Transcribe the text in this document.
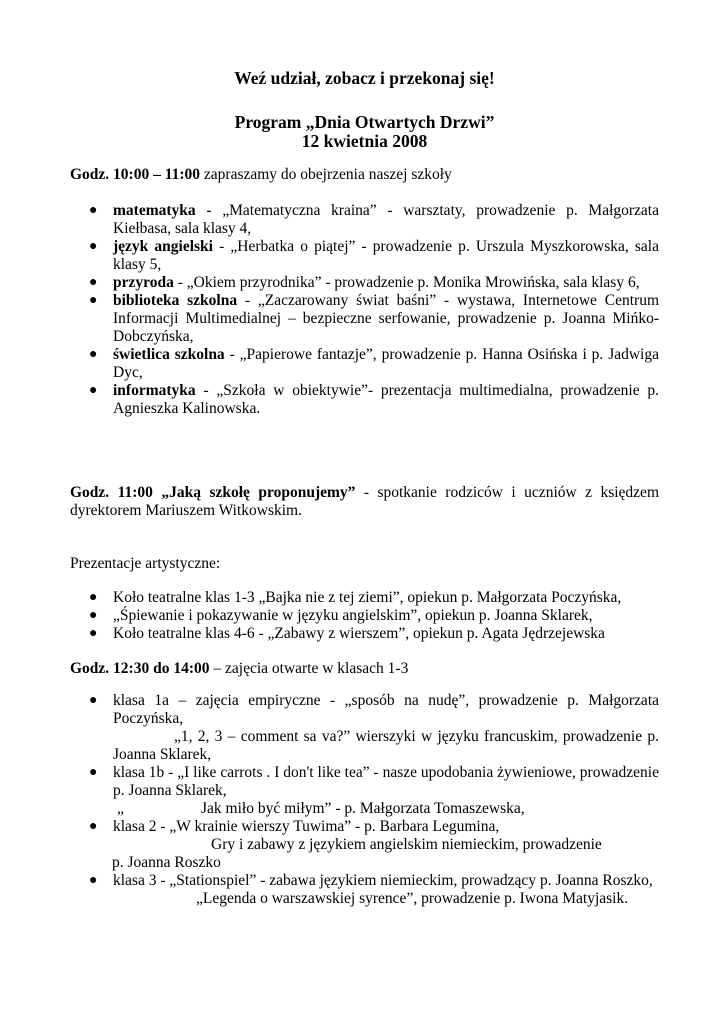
Weź udział, zobacz i przekonaj się!
Program „Dnia Otwartych Drzwi”
12 kwietnia 2008
Godz. 10:00 – 11:00 zapraszamy do obejrzenia naszej szkoły
● matematyka - „Matematyczna kraina” - warsztaty, prowadzenie p. Małgorzata Kiełbasa, sala klasy 4,
● język angielski - „Herbatka o piątej” - prowadzenie p. Urszula Myszkorowska, sala klasy 5,
● przyroda - „Okiem przyrodnika” - prowadzenie p. Monika Mrowińska, sala klasy 6,
● biblioteka szkolna - „Zaczarowany świat baśni” - wystawa, Internetowe Centrum Informacji Multimedialnej – bezpieczne serfowanie, prowadzenie p. Joanna Mińko-Dobczyńska,
● świetlica szkolna - „Papierowe fantazje”, prowadzenie p. Hanna Osińska i p. Jadwiga Dyc,
● informatyka - „Szkoła w obiektywie”- prezentacja multimedialna, prowadzenie p. Agnieszka Kalinowska.
Godz. 11:00 „Jaką szkołę proponujemy” - spotkanie rodziców i uczniów z księdzem dyrektorem Mariuszem Witkowskim.
Prezentacje artystyczne:
● Koło teatralne klas 1-3 „Bajka nie z tej ziemi”, opiekun p. Małgorzata Poczyńska,
● „Śpiewanie i pokazywanie w języku angielskim”, opiekun p. Joanna Sklarek,
● Koło teatralne klas 4-6 - „Zabawy z wierszem”, opiekun p. Agata Jędrzejewska
Godz. 12:30 do 14:00 – zajęcia otwarte w klasach 1-3
● klasa 1a – zajęcia empiryczne - „sposób na nudę”, prowadzenie p. Małgorzata Poczyńska,
„1, 2, 3 – comment sa va?” wierszyki w języku francuskim, prowadzenie p. Joanna Sklarek,
● klasa 1b - „I like carrots . I don't like tea” - nasze upodobania żywieniowe, prowadzenie p. Joanna Sklarek,
„	Jak miło być miłym” - p. Małgorzata Tomaszewska,
● klasa 2 - „W krainie wierszy Tuwima” - p. Barbara Legumina,
Gry i zabawy z językiem angielskim niemieckim, prowadzenie
p. Joanna Roszko
● klasa 3 - „Stationspiel” - zabawa językiem niemieckim, prowadzący p. Joanna Roszko,
„Legenda o warszawskiej syrence”, prowadzenie p. Iwona Matyjasik.
